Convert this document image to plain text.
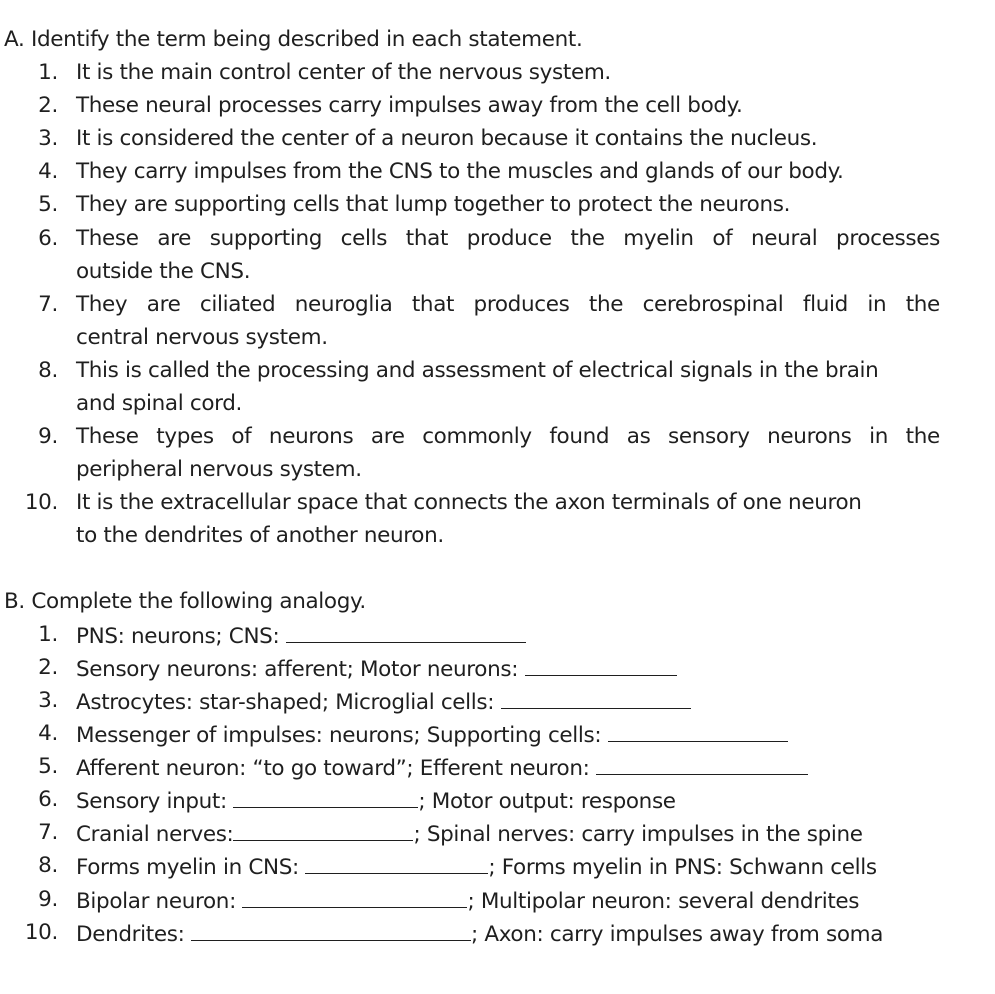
A. Identify the term being described in each statement.
1. It is the main control center of the nervous system.
2. These neural processes carry impulses away from the cell body.
3. It is considered the center of a neuron because it contains the nucleus.
4. They carry impulses from the CNS to the muscles and glands of our body.
5. They are supporting cells that lump together to protect the neurons.
6. These are supporting cells that produce the myelin of neural processes
outside the CNS.
7. They are ciliated neuroglia that produces the cerebrospinal fluid in the
central nervous system.
8. This is called the processing and assessment of electrical signals in the brain
and spinal cord.
9. These types of neurons are commonly found as sensory neurons in the
peripheral nervous system.
10. It is the extracellular space that connects the axon terminals of one neuron
to the dendrites of another neuron.
B. Complete the following analogy.
1. PNS: neurons; CNS:
2. Sensory neurons: afferent; Motor neurons:
3. Astrocytes: star-shaped; Microglial cells:
4. Messenger of impulses: neurons; Supporting cells:
5. Afferent neuron: “to go toward”; Efferent neuron:
6. Sensory input:	; Motor output: response
7. Cranial nerves:	; Spinal nerves: carry impulses in the spine
8. Forms myelin in CNS:	; Forms myelin in PNS: Schwann cells
9. Bipolar neuron:	; Multipolar neuron: several dendrites
10. Dendrites:	; Axon: carry impulses away from soma
